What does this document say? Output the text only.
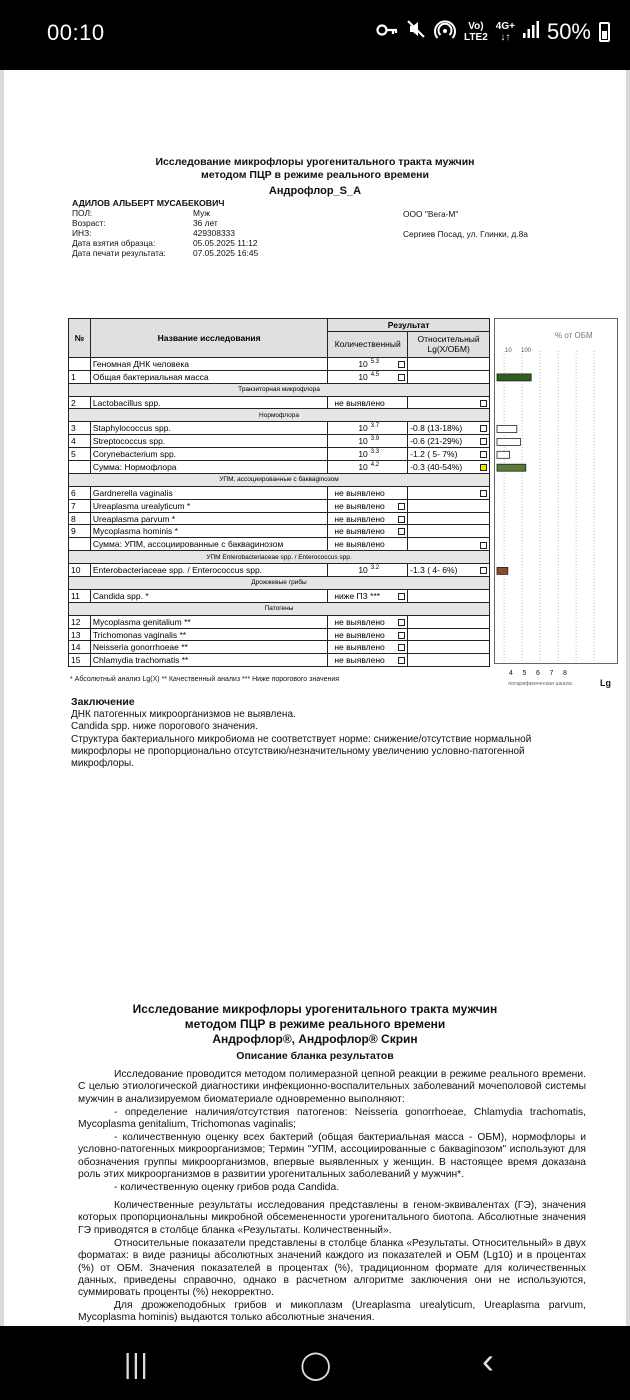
00:10	Vo)
LTE2
4G+
↓↑ 50%
Исследование микрофлоры урогенитального тракта мужчин
методом ПЦР в режиме реального времени
Андрофлор_S_A
АДИЛОВ АЛЬБЕРТ МУСАБЕКОВИЧ
ПОЛ:
Возраст:
ИНЗ:
Дата взятия образца:
Дата печати результата:
Муж
36 лет
429308333
05.05.2025 11:12
07.05.2025 16:45
ООО "Вега-М"
Сергиев Посад, ул. Глинки, д.8а
№	Название исследования	Результат	
		Количественный	Относительный Lg(X/ОБМ)
	Геномная ДНК человека	10 $^{5.3}$

1	Общая бактериальная масса	10 $^{4.5}$

Транзиторная микрофлора			
2	Lactobacillus spp.	не выявлено	

Нормофлора			
3	Staphylococcus spp.	10 $^{3.7}$	-0.8 (13-18%)

4	Streptococcus spp.	10 $^{3.9}$	-0.6 (21-29%)

5	Corynebacterium spp.	10 $^{3.3}$	-1.2 ( 5- 7%)

	Сумма: Нормофлора	10 $^{4.2}$	-0.3 (40-54%)

УПМ, ассоциированные с бакваginозом			
6	Gardnerella vaginalis	не выявлено	

7	Ureaplasma urealyticum *	не выявлено

8	Ureaplasma parvum *	не выявлено

9	Mycoplasma hominis *	не выявлено

	Сумма: УПМ, ассоциированные с бакваgинозом	не выявлено	

УПМ Enterobacteriaceae spp. / Enterococcus spp.			
10	Enterobacteriaceae spp. / Enterococcus spp.	10 $^{3.2}$	-1.3 ( 4- 6%)

Дрожжевые грибы			
11	Candida spp. *	ниже ПЗ ***

Патогены			
12	Mycoplasma genitalium **	не выявлено

13	Trichomonas vaginalis **	не выявлено

14	Neisseria gonorrhoeae **	не выявлено

15	Chlamydia trachomatis **	не выявлено

% от ОБМ
10 100
45678
логарифмическая шкала	Lg
* Абсолютный анализ Lg(X) ** Качественный анализ *** Ниже порогового значения
Заключение
ДНК патогенных микроорганизмов не выявлена.
Candida spp. ниже порогового значения.
Структура бактериального микробиома не соответствует норме: снижение/отсутствие нормальной
микрофлоры не пропорционально отсутствию/незначительному увеличению условно-патогенной
микрофлоры.
Исследование микрофлоры урогенитального тракта мужчин
методом ПЦР в режиме реального времени
Андрофлор®, Андрофлор® Скрин
Описание бланка результатов
Исследование проводится методом полимеразной цепной реакции в режиме реального времени. С целью этиологической диагностики инфекционно-воспалительных заболеваний мочеполовой системы мужчин в анализируемом биоматериале одновременно выполняют:
- определение наличия/отсутствия патогенов: Neisseria gonorrhoeae, Chlamydia trachomatis, Mycoplasma genitalium, Trichomonas vaginalis;
- количественную оценку всех бактерий (общая бактериальная масса - ОБМ), нормофлоры и условно-патогенных микроорганизмов; Термин "УПМ, ассоциированные с бакваginозом" используют для обозначения группы микроорганизмов, впервые выявленных у женщин. В настоящее время доказана роль этих микроорганизмов в развитии урогенитальных заболеваний у мужчин*.
- количественную оценку грибов рода Candida.
Количественные результаты исследования представлены в геном-эквивалентах (ГЭ), значения которых пропорциональны микробной обсемененности урогенитального биотопа. Абсолютные значения ГЭ приводятся в столбце бланка «Результаты. Количественный».
Относительные показатели представлены в столбце бланка «Результаты. Относительный» в двух форматах: в виде разницы абсолютных значений каждого из показателей и ОБМ (Lg10) и в процентах (%) от ОБМ. Значения показателей в процентах (%), традиционном формате для количественных данных, приведены справочно, однако в расчетном алгоритме заключения они не используются, суммировать проценты (%) некорректно.
Для дрожжеподобных грибов и микоплазм (Ureaplasma urealyticum, Ureaplasma parvum, Mycoplasma hominis) выдаются только абсолютные значения.
|||	◯	‹
